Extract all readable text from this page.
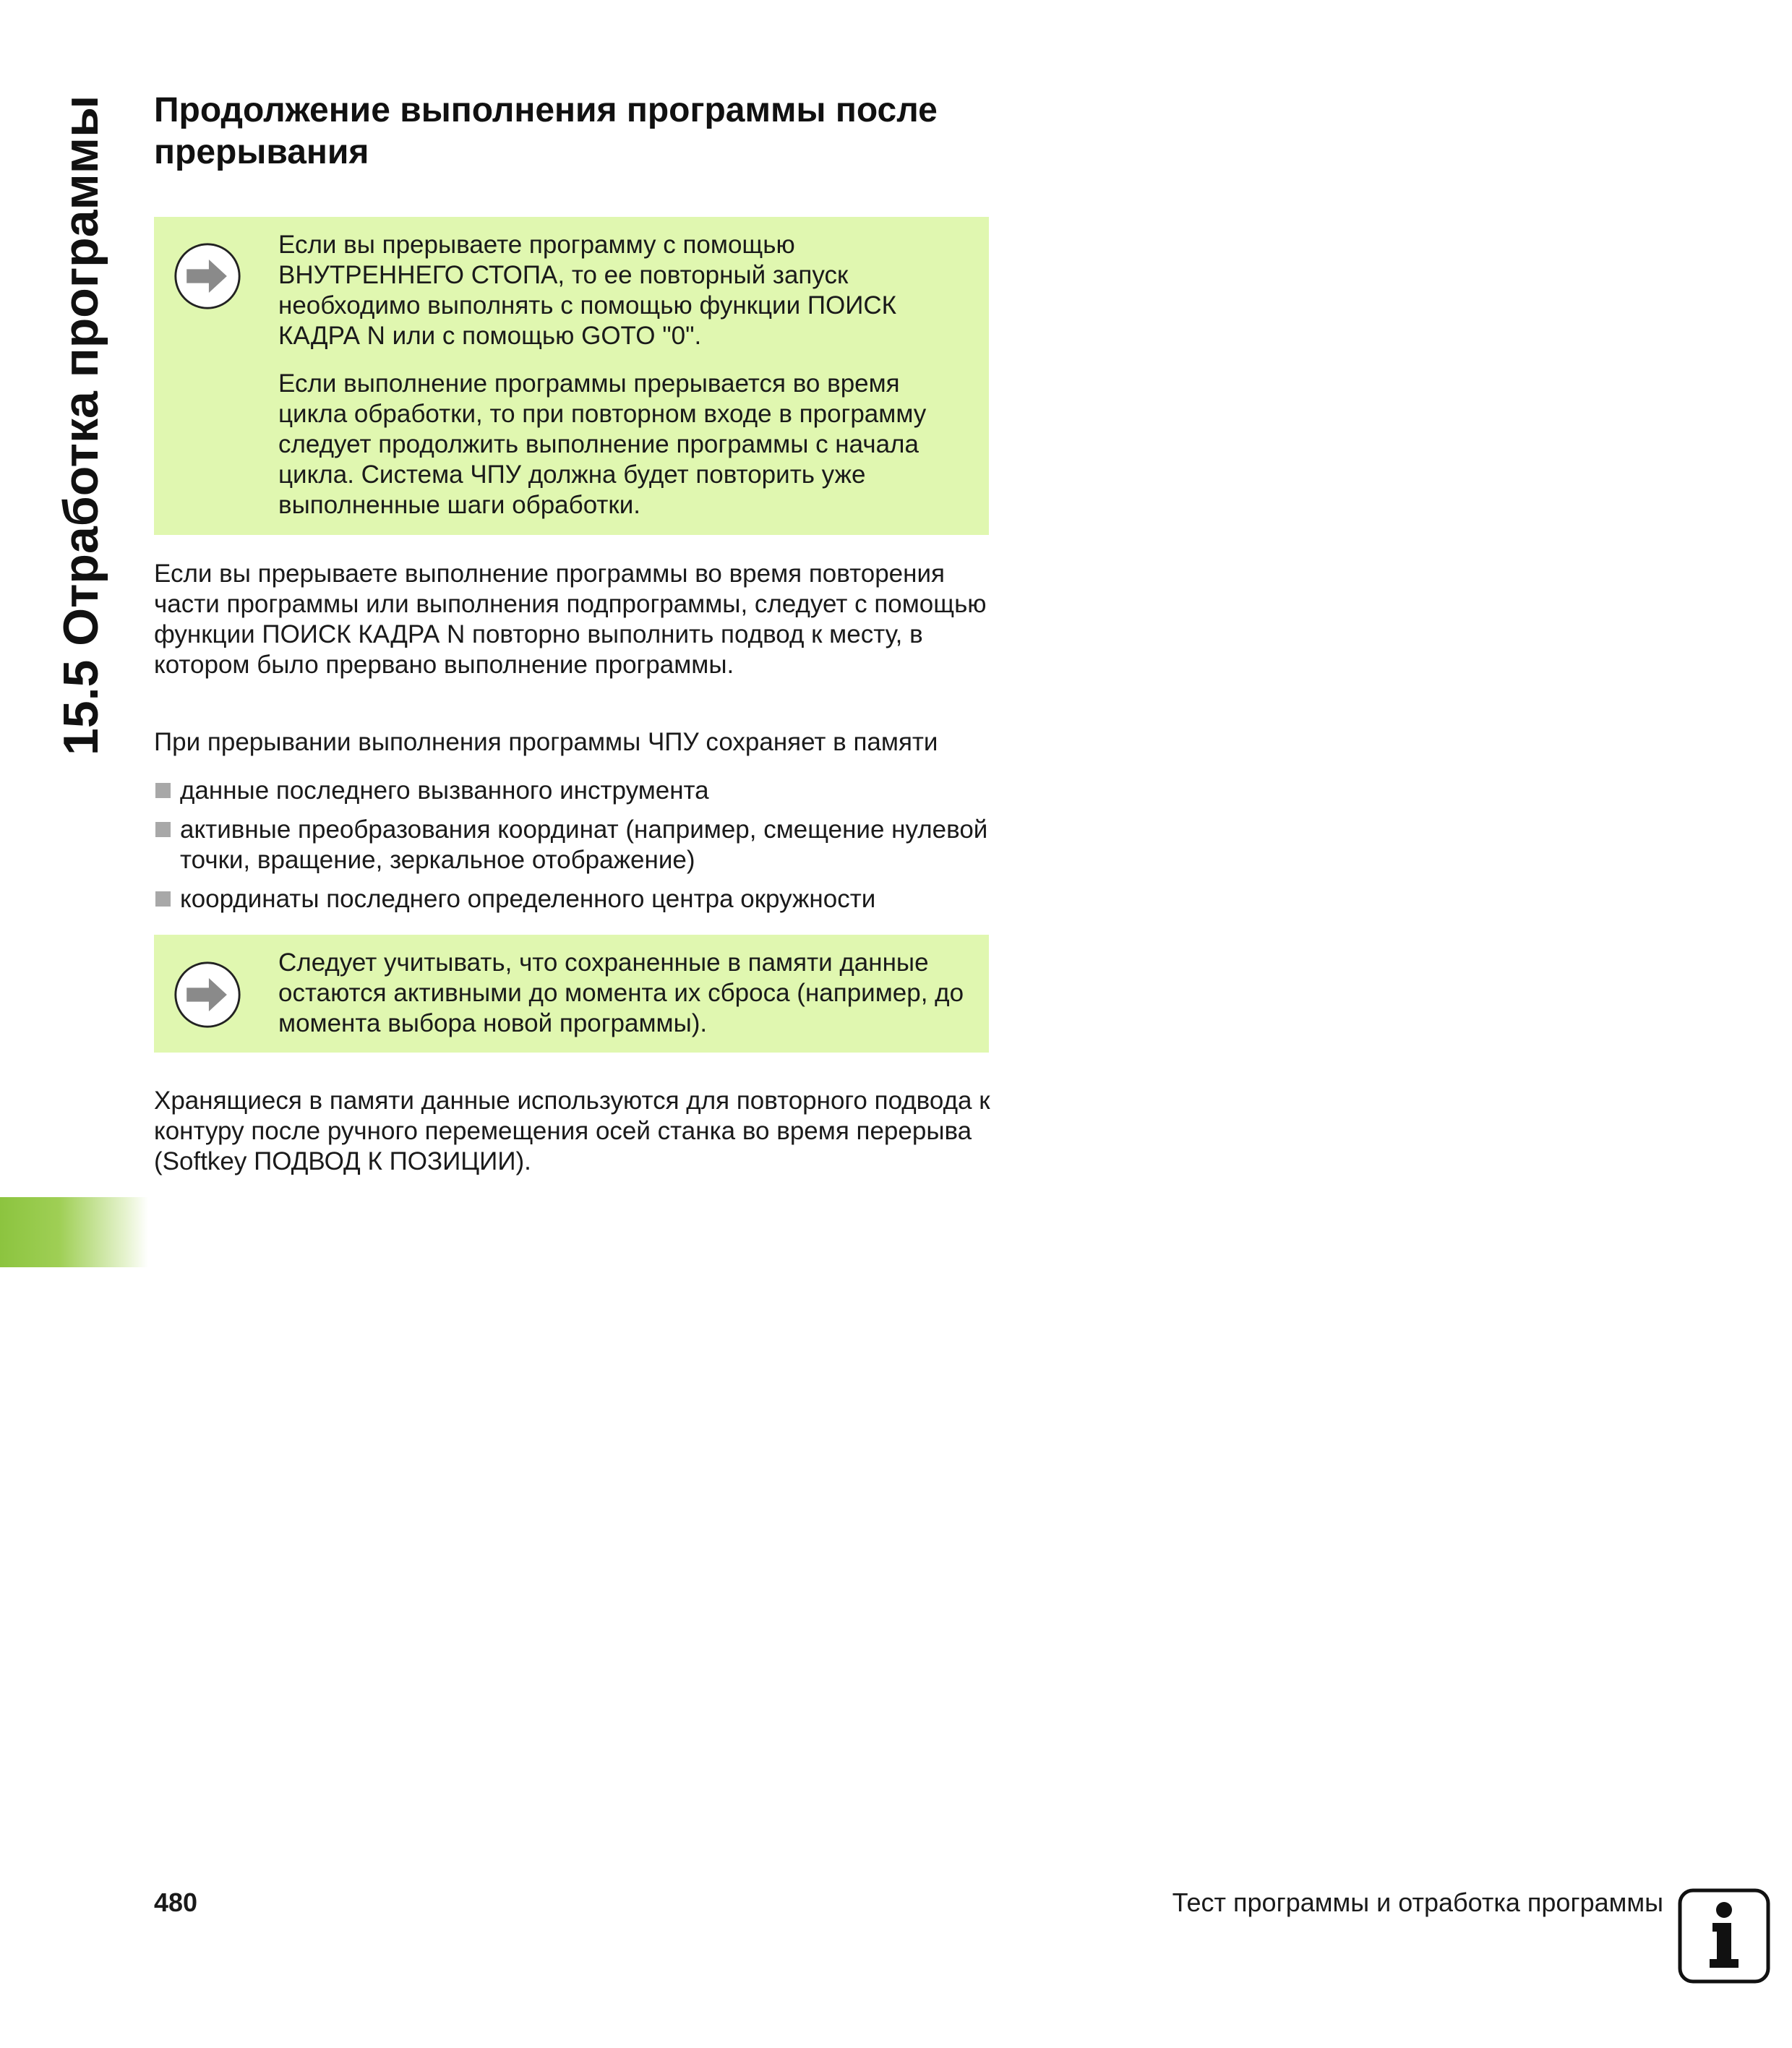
15.5 Отработка программы Продолжение выполнения программы после
прерывания

Если вы прерываете программу с помощью ВНУТРЕННЕГО СТОПА, то ее повторный запуск необходимо выполнять с помощью функции ПОИСК КАДРА N или с помощью GOTO "0".

Если выполнение программы прерывается во время цикла обработки, то при повторном входе в программу следует продолжить выполнение программы с начала цикла. Система ЧПУ должна будет повторить уже выполненные шаги обработки.

Если вы прерываете выполнение программы во время повторения части программы или выполнения подпрограммы, следует с помощью функции ПОИСК КАДРА N повторно выполнить подвод к месту, в котором было прервано выполнение программы.

При прерывании выполнения программы ЧПУ сохраняет в памяти

данные последнего вызванного инструмента
активные преобразования координат (например, смещение нулевой точки, вращение, зеркальное отображение)
координаты последнего определенного центра окружности

Следует учитывать, что сохраненные в памяти данные остаются активными до момента их сброса (например, до момента выбора новой программы).

Хранящиеся в памяти данные используются для повторного подвода к контуру после ручного перемещения осей станка во время перерыва (Softkey ПОДВОД К ПОЗИЦИИ).

480	Тест программы и отработка программы
